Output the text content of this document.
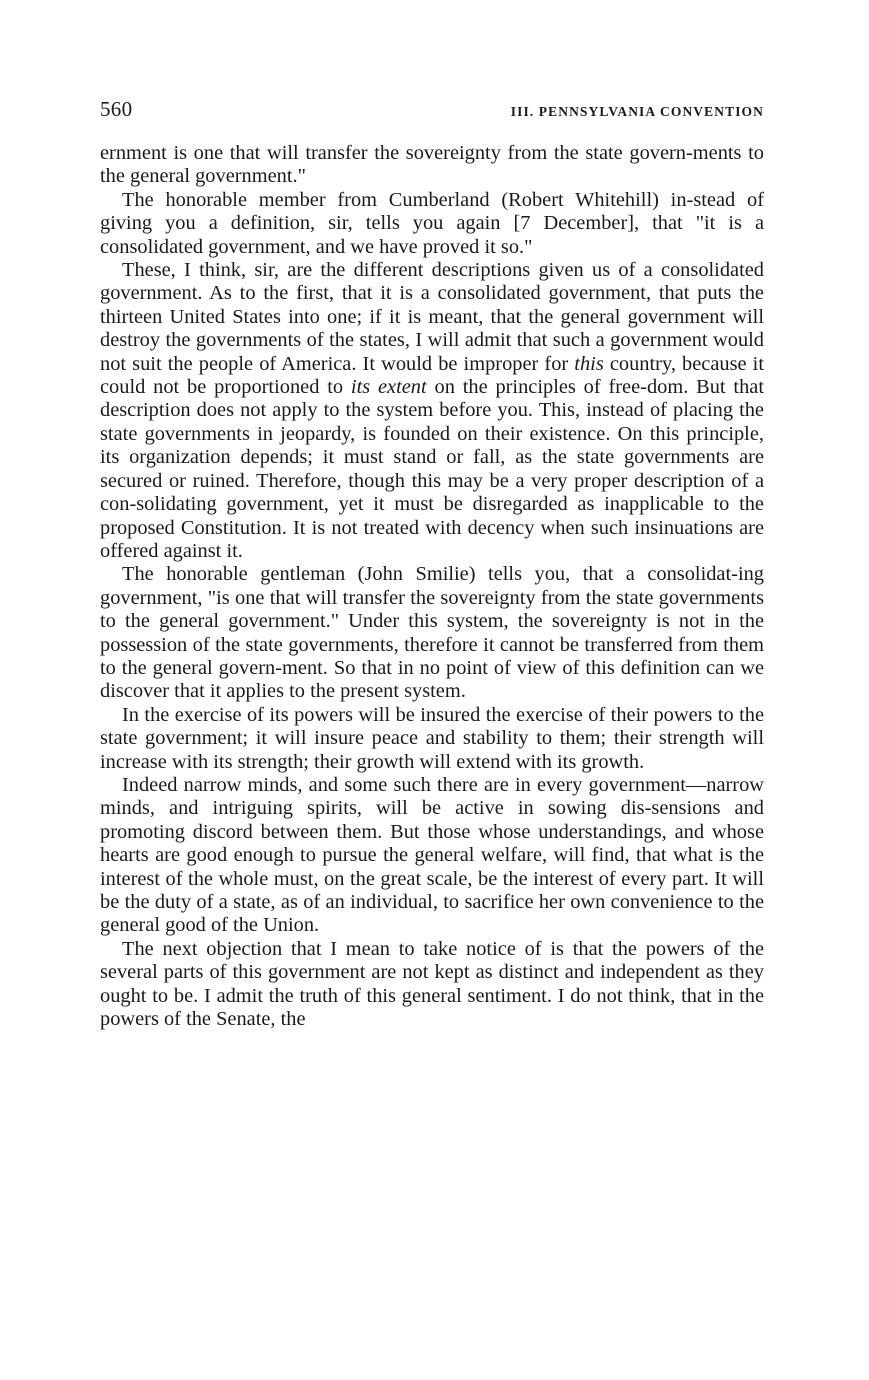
560	III. PENNSYLVANIA CONVENTION

ernment is one that will transfer the sovereignty from the state govern-ments to the general government."

The honorable member from Cumberland (Robert Whitehill) in-stead of giving you a definition, sir, tells you again [7 December], that "it is a consolidated government, and we have proved it so."

These, I think, sir, are the different descriptions given us of a consolidated government. As to the first, that it is a consolidated government, that puts the thirteen United States into one; if it is meant, that the general government will destroy the governments of the states, I will admit that such a government would not suit the people of America. It would be improper for this country, because it could not be proportioned to its extent on the principles of free-dom. But that description does not apply to the system before you. This, instead of placing the state governments in jeopardy, is founded on their existence. On this principle, its organization depends; it must stand or fall, as the state governments are secured or ruined. Therefore, though this may be a very proper description of a con-solidating government, yet it must be disregarded as inapplicable to the proposed Constitution. It is not treated with decency when such insinuations are offered against it.

The honorable gentleman (John Smilie) tells you, that a consolidat-ing government, "is one that will transfer the sovereignty from the state governments to the general government." Under this system, the sovereignty is not in the possession of the state governments, therefore it cannot be transferred from them to the general govern-ment. So that in no point of view of this definition can we discover that it applies to the present system.

In the exercise of its powers will be insured the exercise of their powers to the state government; it will insure peace and stability to them; their strength will increase with its strength; their growth will extend with its growth.

Indeed narrow minds, and some such there are in every government—narrow minds, and intriguing spirits, will be active in sowing dis-sensions and promoting discord between them. But those whose understandings, and whose hearts are good enough to pursue the general welfare, will find, that what is the interest of the whole must, on the great scale, be the interest of every part. It will be the duty of a state, as of an individual, to sacrifice her own convenience to the general good of the Union.

The next objection that I mean to take notice of is that the powers of the several parts of this government are not kept as distinct and independent as they ought to be. I admit the truth of this general sentiment. I do not think, that in the powers of the Senate, the
